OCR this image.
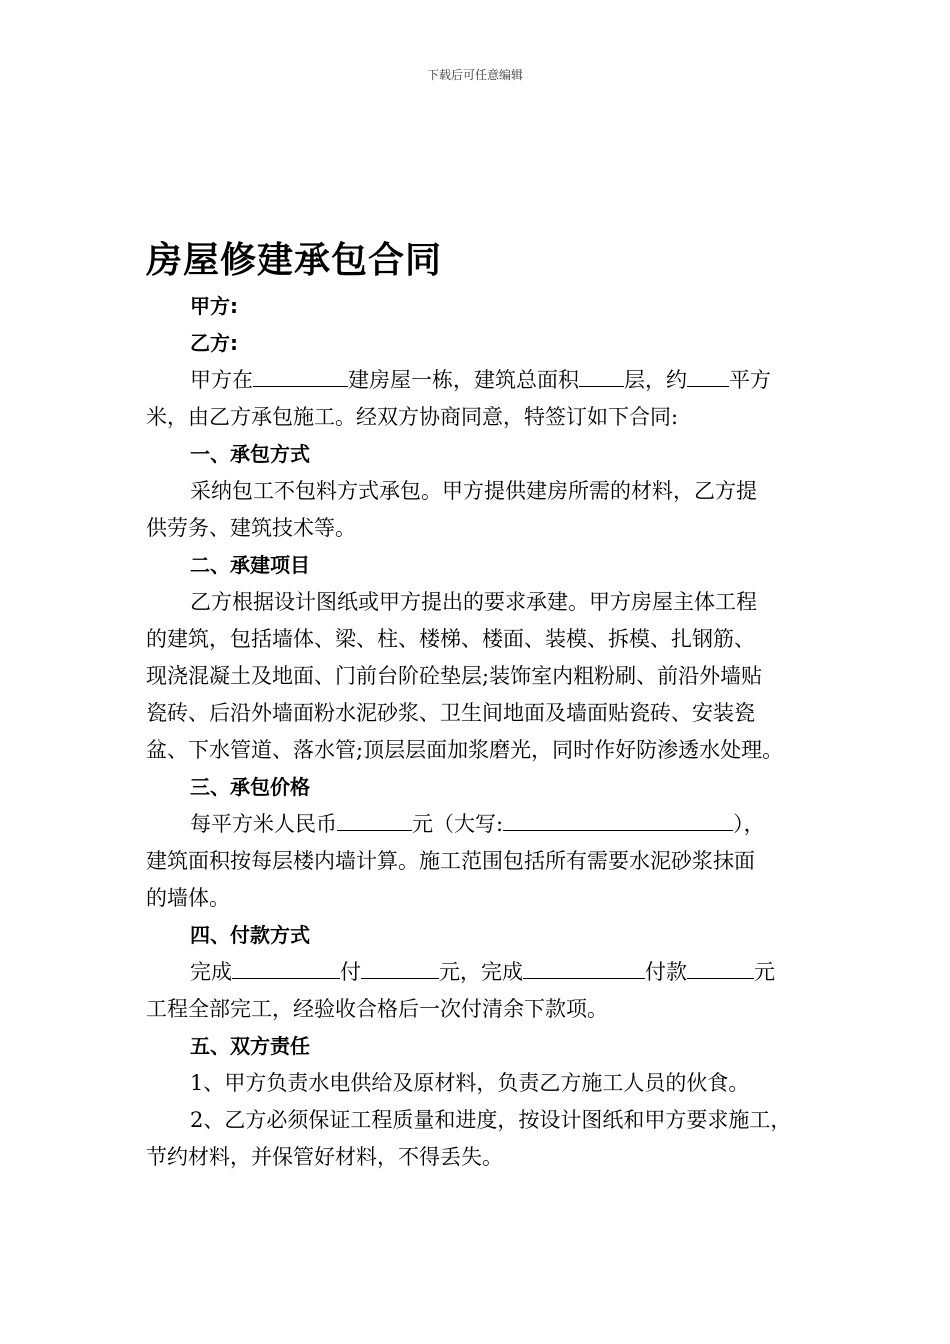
下载后可任意编辑
房屋修建承包合同
甲方:
乙方:
甲方在	建房屋一栋，建筑总面积 层，约 平方
米，由乙方承包施工。经双方协商同意，特签订如下合同:
一、承包方式
采纳包工不包料方式承包。甲方提供建房所需的材料，乙方提
供劳务、建筑技术等。
二、承建项目
乙方根据设计图纸或甲方提出的要求承建。甲方房屋主体工程
的建筑，包括墙体、梁、柱、楼梯、楼面、装模、拆模、扎钢筋、
现浇混凝土及地面、门前台阶砼垫层;装饰室内粗粉刷、前沿外墙贴
瓷砖、后沿外墙面粉水泥砂浆、卫生间地面及墙面贴瓷砖、安装瓷
盆、下水管道、落水管;顶层层面加浆磨光，同时作好防渗透水处理。
三、承包价格
每平方米人民币	元（大写:	），
建筑面积按每层楼内墙计算。施工范围包括所有需要水泥砂浆抹面
的墙体。
四、付款方式
完成	付	元，完成	付款	元
工程全部完工，经验收合格后一次付清余下款项。
五、双方责任
1、甲方负责水电供给及原材料，负责乙方施工人员的伙食。
2、乙方必须保证工程质量和进度，按设计图纸和甲方要求施工，
节约材料，并保管好材料，不得丢失。
